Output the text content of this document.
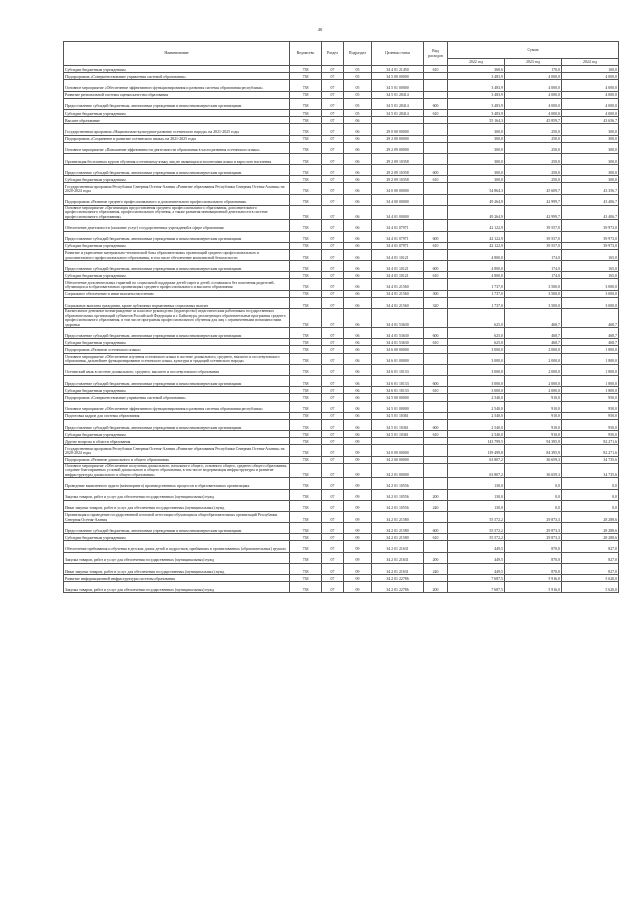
40
Наименование	Ведомство	Раздел	Подраздел	Целевая статья	Вид расходов	Сумма		
						2022 год	2023 год	2024 год
Субсидии бюджетным учреждениям	738	07	05	34 4 01 21450	610	368,6	170,0	100,0
Подпрограмма «Совершенствование управления системой образования»	738	07	05	34 5 00 00000		3 483,9	4 000,0	4 000,0
Основное мероприятие «Обеспечение эффективного функционирования и развития системы образования республики»	738	07	05	34 5 01 00000		3 483,9	4 000,0	4 000,0
Развитие региональной системы оценки качества образования	738	07	05	34 5 01 28414		3 483,9	4 000,0	4 000,0
Предоставление субсидий бюджетным, автономным учреждениям и иным некоммерческим организациям	738	07	05	34 5 01 28414	600	3 483,9	4 000,0	4 000,0
Субсидии бюджетным учреждениям	738	07	05	34 5 01 28414	610	3 483,9	4 000,0	4 000,0
Высшее образование	738	07	06			55 164,3	45 859,7	43 656,7
Государственная программа «Национально-культурное развитие осетинского народа» на 2021-2025 годы	738	07	06	29 0 00 00000		300,0	250,0	300,0
Подпрограмма «Сохранение и развитие осетинского языка» на 2021-2025 годы	738	07	06	29 2 00 00000		300,0	250,0	300,0
Основное мероприятие «Повышение эффективности деятельности образования в части развития осетинского языка»	738	07	06	29 2 09 00000		300,0	250,0	300,0
Организация бесплатных курсов обучения осетинскому языку лиц не являющихся носителями языка и взрослого населения	738	07	06	29 2 09 10358		300,0	250,0	300,0
Предоставление субсидий бюджетным, автономным учреждениям и иным некоммерческим организациям	738	07	06	29 2 09 10358	600	300,0	250,0	300,0
Субсидии бюджетным учреждениям	738	07	06	29 2 09 10358	610	300,0	250,0	300,0
Государственная программа Республики Северная Осетия-Алания «Развитие образования Республики Северная Осетия-Алания» на 2020-2024 годы	738	07	06	34 0 00 00000		54 864,3	45 609,7	43 356,7
Подпрограмма «Развитие среднего профессионального и дополнительного профессионального образования»	738	07	06	34 4 00 00000		49 264,9	42 999,7	43 406,7
Основное мероприятие «Организация предоставления среднего профессионального образования, дополнительного профессионального образования, профессионального обучения, а также развития инновационной деятельности в системе профессионального образования»	738	07	06	34 4 01 00000		49 264,9	42 999,7	43 406,7
Обеспечение деятельности (оказание услуг) государственных учреждений в сфере образования	738	07	06	34 4 01 07971		42 122,9	39 557,0	39 973,0
Предоставление субсидий бюджетным, автономным учреждениям и иным некоммерческим организациям	738	07	06	34 4 01 07971	600	42 122,9	39 557,0	39 973,0
Субсидии бюджетным учреждениям	738	07	06	34 4 01 07971	610	42 122,9	39 557,0	39 973,0
Развитие и укрепление материально-технической базы образовательных организаций среднего профессионального и дополнительного профессионального образования, в том числе обеспечение комплексной безопасности	738	07	06	34 4 01 10121		4 800,0	174,0	165,0
Предоставление субсидий бюджетным, автономным учреждениям и иным некоммерческим организациям	738	07	06	34 4 01 10121	600	4 800,0	174,0	165,0
Субсидии бюджетным учреждениям	738	07	06	34 4 01 10121	610	4 800,0	174,0	165,0
Обеспечение дополнительных гарантий по социальной поддержке детей-сирот и детей, оставшихся без попечения родителей, обучающихся в образовательных организациях среднего профессионального и высшего образования	738	07	06	34 4 01 21560		1 737,0	3 500,0	3 000,0
Социальное обеспечение и иные выплаты населению	738	07	06	34 4 01 21560	300	1 737,0	3 500,0	3 000,0
Социальные выплаты гражданам, кроме публичных нормативных социальных выплат	738	07	06	34 4 01 21560	320	1 737,0	3 500,0	3 000,0
Ежемесячное денежное вознаграждение за классное руководство (кураторство) педагогическим работникам государственных образовательных организаций субъектов Российской Федерации и г. Байконура, реализующих образовательные программы среднего профессионального образования, в том числе программы профессионального обучения для лиц с ограниченными возможностями здоровья	738	07	06	34 4 01 53630		625,0	468,7	468,7
Предоставление субсидий бюджетным, автономным учреждениям и иным некоммерческим организациям	738	07	06	34 4 01 53630	600	625,0	468,7	468,7
Субсидии бюджетным учреждениям	738	07	06	34 4 01 53630	610	625,0	468,7	468,7
Подпрограмма «Развитие осетинского языка»	738	07	06	34 6 00 00000		3 000,0	2 000,0	1 800,0
Основное мероприятие «Обеспечение изучения осетинского языка в системе дошкольного, среднего, высшего и послевузовского образования, дальнейшее функционирование осетинского языка, культуры и традиций осетинского народа»	738	07	06	34 6 01 00000		3 000,0	2 000,0	1 800,0
Осетинский язык в системе дошкольного, среднего, высшего и послевузовского образования	738	07	06	34 6 01 10133		3 000,0	2 000,0	1 800,0
Предоставление субсидий бюджетным, автономным учреждениям и иным некоммерческим организациям	738	07	06	34 6 01 10133	600	3 000,0	2 000,0	1 800,0
Субсидии бюджетным учреждениям	738	07	06	34 6 01 10133	610	3 000,0	2 000,0	1 800,0
Подпрограмма «Совершенствование управления системой образования»	738	07	06	34 5 00 00000		2 540,0	910,0	950,0
Основное мероприятие «Обеспечение эффективного функционирования и развития системы образования республики»	738	07	06	34 5 01 00000		2 540,0	910,0	950,0
Подготовка кадров для системы образования	738	07	06	34 5 01 10361		2 540,0	910,0	950,0
Предоставление субсидий бюджетным, автономным учреждениям и иным некоммерческим организациям	738	07	06	34 5 01 10361	600	2 540,0	910,0	950,0
Субсидии бюджетным учреждениям	738	07	06	34 5 01 10361	610	2 540,0	910,0	950,0
Другие вопросы в области образования	738	07	09			143 799,5	94 395,9	82 271,6
Государственная программа Республики Северная Осетия-Алания «Развитие образования Республики Северная Осетия-Алания» на 2020-2024 годы	738	07	09	34 0 00 00000		139 499,8	84 395,9	82 271,6
Подпрограмма «Развитие дошкольного и общего образования»	738	07	09	34 2 00 00000		63 807,2	36 659,3	34 735,6
Основное мероприятие «Обеспечение получения дошкольного, начального общего, основного общего, среднего общего образования, создание благоприятных условий дошкольного и общего образования, в том числе модернизация инфраструктуры и развитие инфраструктуры дошкольного и общего образования»	738	07	09	34 2 01 00000		63 807,2	36 659,3	34 735,6
Проведение выявленного аудита (мониторинга) производственных процессов в образовательных организациях	738	07	09	34 2 01 10556		130,0	0,0	0,0
Закупка товаров, работ и услуг для обеспечения государственных (муниципальных) нужд	738	07	09	34 2 01 10556	200	130,0	0,0	0,0
Иные закупки товаров, работ и услуг для обеспечения государственных (муниципальных) нужд	738	07	09	34 2 01 10556	240	130,0	0,0	0,0
Организация и проведение государственной итоговой аттестации обучающихся общеобразовательных организаций Республики Северная Осетия-Алания	738	07	09	34 2 01 21580		55 572,2	29 873,3	28 288,6
Предоставление субсидий бюджетным, автономным учреждениям и иным некоммерческим организациям	738	07	09	34 2 01 21580	600	55 572,2	29 873,3	28 288,6
Субсидии бюджетным учреждениям	738	07	09	34 2 01 21580	610	55 572,2	29 873,3	28 288,6
Обеспечение пребывания и обучения в детских домах детей и подростков, прибывших в организованных (образовательных) группах	738	07	09	34 2 01 21631		449,5	870,0	827,0
Закупка товаров, работ и услуг для обеспечения государственных (муниципальных) нужд	738	07	09	34 2 01 21631	200	449,5	870,0	827,0
Иные закупки товаров, работ и услуг для обеспечения государственных (муниципальных) нужд	738	07	09	34 2 01 21631	240	449,5	870,0	827,0
Развитие информационной инфраструктуры системы образования	738	07	09	34 2 01 22786		7 687,5	5 916,0	5 620,0
Закупка товаров, работ и услуг для обеспечения государственных (муниципальных) нужд	738	07	09	34 2 01 22786	200	7 687,5	5 916,0	5 620,0
